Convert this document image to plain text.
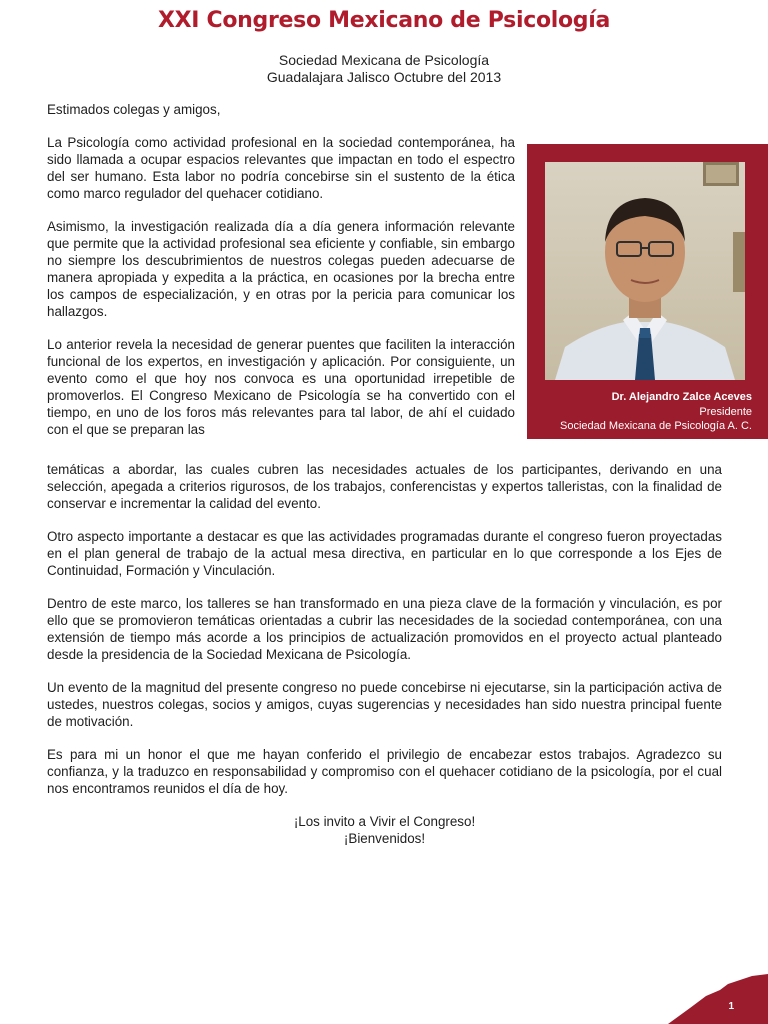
XXI Congreso Mexicano de Psicología
Sociedad Mexicana de Psicología
Guadalajara Jalisco Octubre del 2013

Estimados colegas y amigos,

La Psicología como actividad profesional en la sociedad contemporánea, ha sido llamada a ocupar espacios relevantes que impactan en todo el espectro del ser humano. Esta labor no podría concebirse sin el sustento de la ética como marco regulador del quehacer cotidiano.

Asimismo, la investigación realizada día a día genera información relevante que permite que la actividad profesional sea eficiente y confiable, sin embargo no siempre los descubrimientos de nuestros colegas pueden adecuarse de manera apropiada y expedita a la práctica, en ocasiones por la brecha entre los campos de especialización, y en otras por la pericia para comunicar los hallazgos.

Lo anterior revela la necesidad de generar puentes que faciliten la interacción funcional de los expertos, en investigación y aplicación. Por consiguiente, un evento como el que hoy nos convoca es una oportunidad irrepetible de promoverlos. El Congreso Mexicano de Psicología se ha convertido con el tiempo, en uno de los foros más relevantes para tal labor, de ahí el cuidado con el que se preparan las

temáticas a abordar, las cuales cubren las necesidades actuales de los participantes, derivando en una selección, apegada a criterios rigurosos, de los trabajos, conferencistas y expertos talleristas, con la finalidad de conservar e incrementar la calidad del evento.

Otro aspecto importante a destacar es que las actividades programadas durante el congreso fueron proyectadas en el plan general de trabajo de la actual mesa directiva, en particular en lo que corresponde a los Ejes de Continuidad, Formación y Vinculación.

Dentro de este marco, los talleres se han transformado en una pieza clave de la formación y vinculación, es por ello que se promovieron temáticas orientadas a cubrir las necesidades de la sociedad contemporánea, con una extensión de tiempo más acorde a los principios de actualización promovidos en el proyecto actual planteado desde la presidencia de la Sociedad Mexicana de Psicología.

Un evento de la magnitud del presente congreso no puede concebirse ni ejecutarse, sin la participación activa de ustedes, nuestros colegas, socios y amigos, cuyas sugerencias y necesidades han sido nuestra principal fuente de motivación.

Es para mi un honor el que me hayan conferido el privilegio de encabezar estos trabajos. Agradezco su confianza, y la traduzco en responsabilidad y compromiso con el quehacer cotidiano de la psicología, por el cual nos encontramos reunidos el día de hoy.

¡Los invito a Vivir el Congreso!

¡Bienvenidos!

Dr. Alejandro Zalce Aceves
Presidente
Sociedad Mexicana de Psicología A. C.
1
